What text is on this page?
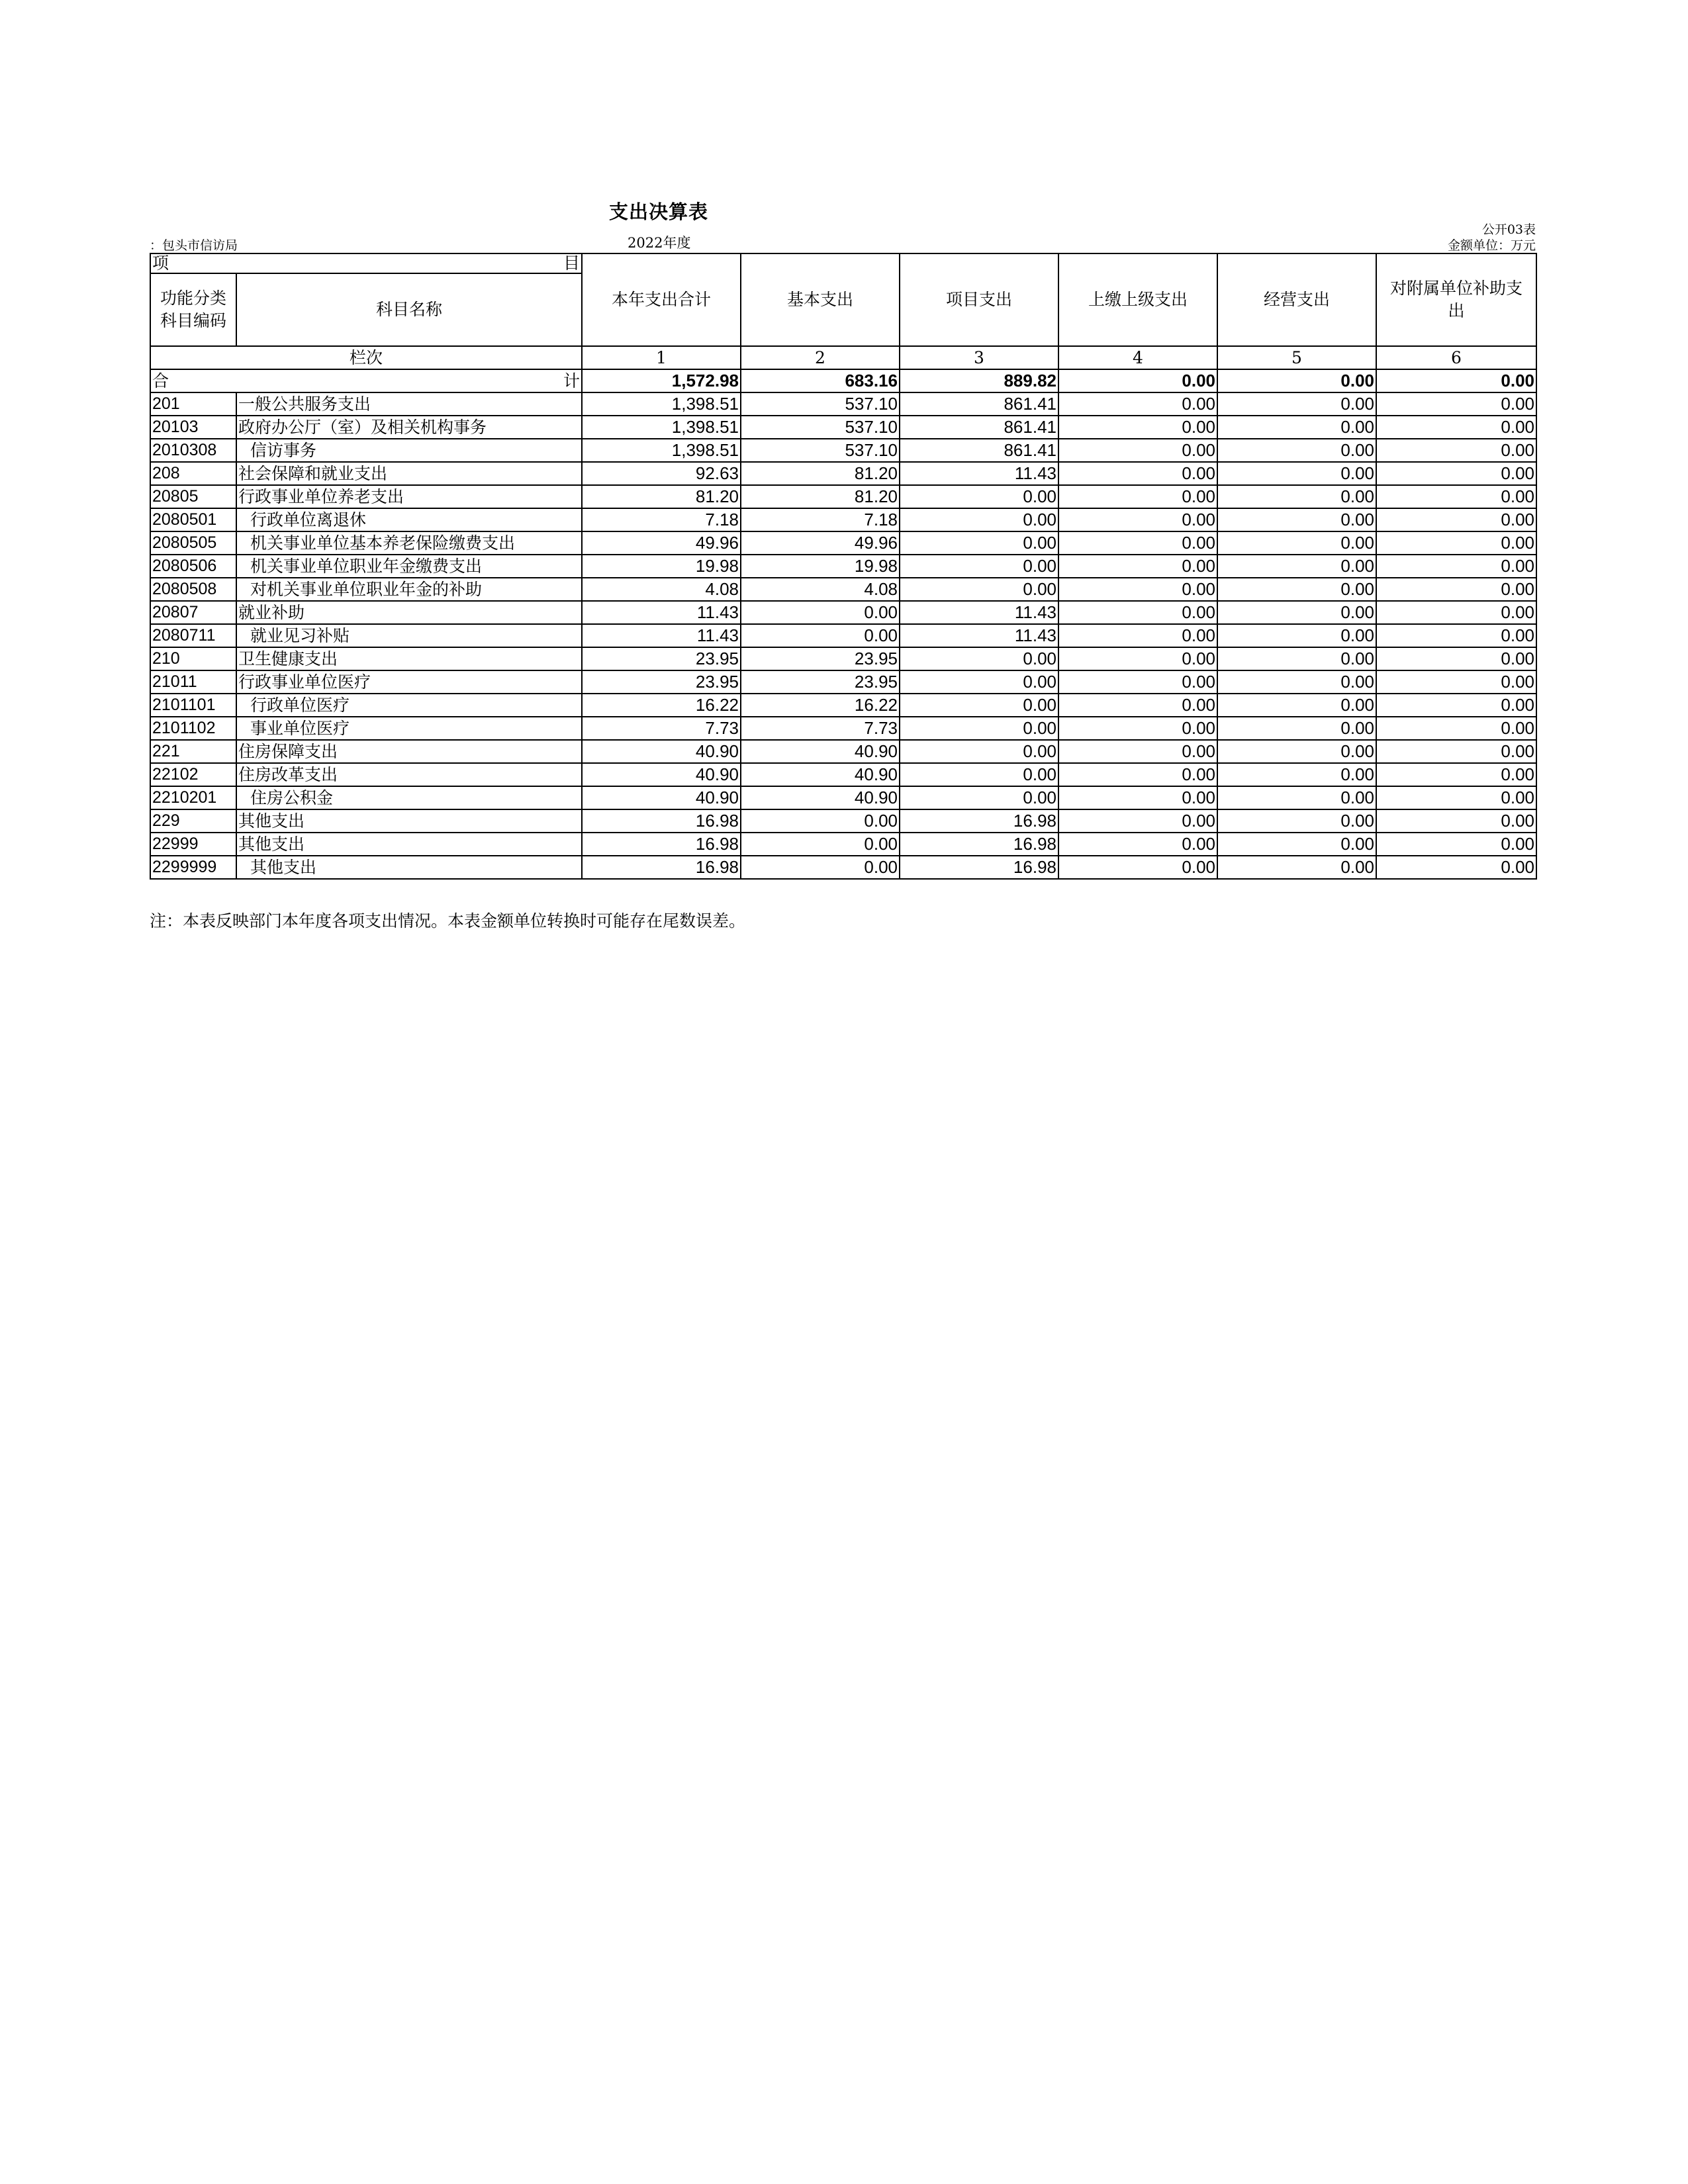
支出决算表
公开03表
：包头市信访局	2022年度	金额单位：万元
项 目		本年支出合计	基本支出	项目支出	上缴上级支出	经营支出	对附属单位补助支出
功能分类科目编码	科目名称						
栏次		1	2	3	4	5	6

合 计		1,572.98	683.16	889.82	0.00	0.00	0.00
201	一般公共服务支出	1,398.51	537.10	861.41	0.00	0.00	0.00
20103	政府办公厅（室）及相关机构事务	1,398.51	537.10	861.41	0.00	0.00	0.00
2010308	信访事务	1,398.51	537.10	861.41	0.00	0.00	0.00
208	社会保障和就业支出	92.63	81.20	11.43	0.00	0.00	0.00
20805	行政事业单位养老支出	81.20	81.20	0.00	0.00	0.00	0.00
2080501	行政单位离退休	7.18	7.18	0.00	0.00	0.00	0.00
2080505	机关事业单位基本养老保险缴费支出	49.96	49.96	0.00	0.00	0.00	0.00
2080506	机关事业单位职业年金缴费支出	19.98	19.98	0.00	0.00	0.00	0.00
2080508	对机关事业单位职业年金的补助	4.08	4.08	0.00	0.00	0.00	0.00
20807	就业补助	11.43	0.00	11.43	0.00	0.00	0.00
2080711	就业见习补贴	11.43	0.00	11.43	0.00	0.00	0.00
210	卫生健康支出	23.95	23.95	0.00	0.00	0.00	0.00
21011	行政事业单位医疗	23.95	23.95	0.00	0.00	0.00	0.00
2101101	行政单位医疗	16.22	16.22	0.00	0.00	0.00	0.00
2101102	事业单位医疗	7.73	7.73	0.00	0.00	0.00	0.00
221	住房保障支出	40.90	40.90	0.00	0.00	0.00	0.00
22102	住房改革支出	40.90	40.90	0.00	0.00	0.00	0.00
2210201	住房公积金	40.90	40.90	0.00	0.00	0.00	0.00
229	其他支出	16.98	0.00	16.98	0.00	0.00	0.00
22999	其他支出	16.98	0.00	16.98	0.00	0.00	0.00
2299999	其他支出	16.98	0.00	16.98	0.00	0.00	0.00
注：本表反映部门本年度各项支出情况。本表金额单位转换时可能存在尾数误差。
